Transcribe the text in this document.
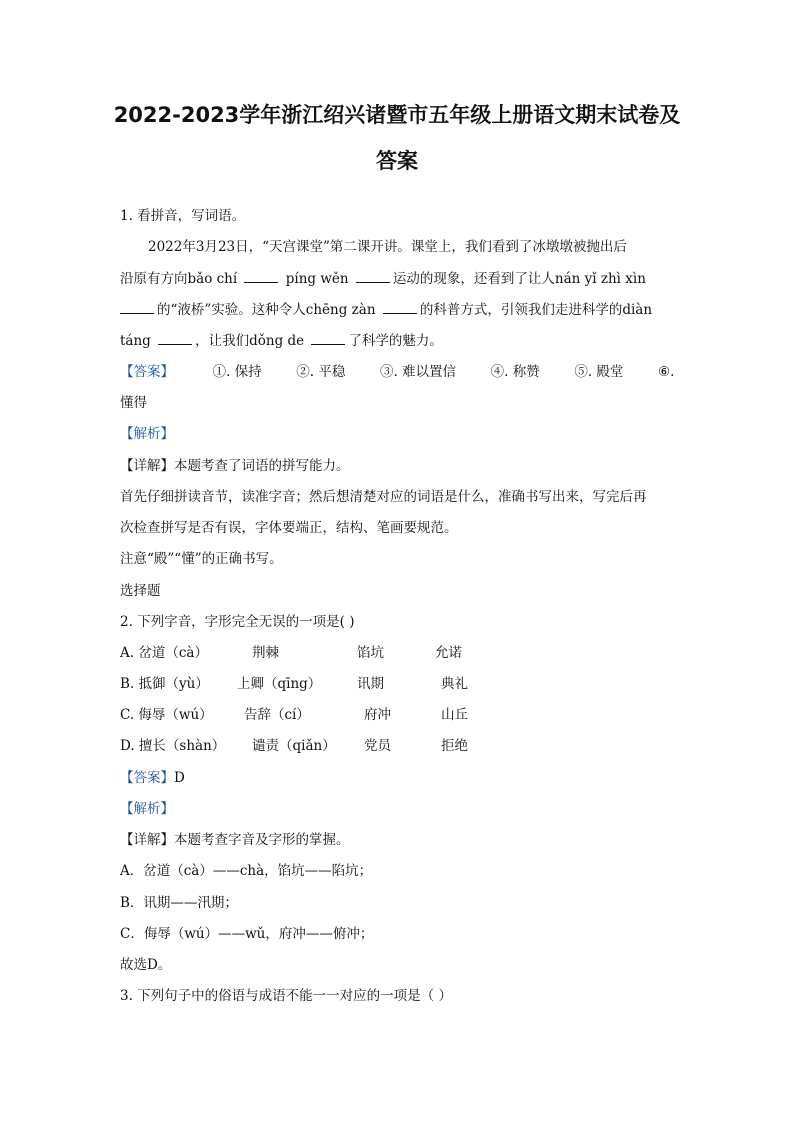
2022-2023学年浙江绍兴诸暨市五年级上册语文期末试卷及
答案
1. 看拼音，写词语。
2022年3月23日，“天宫课堂”第二课开讲。课堂上，我们看到了冰墩墩被抛出后
沿原有方向bǎo chí	píng wěn	运动的现象，还看到了让人nán yǐ zhì xìn
的“液桥”实验。这种令人chēng zàn	的科普方式，引领我们走进科学的diàn
táng	，让我们dǒng de	了科学的魅力。
【答案】	①. 保持	②. 平稳	③. 难以置信	④. 称赞	⑤. 殿堂	⑥.
懂得
【解析】
【详解】本题考查了词语的拼写能力。
首先仔细拼读音节，读准字音；然后想清楚对应的词语是什么，准确书写出来，写完后再
次检查拼写是否有误，字体要端正，结构、笔画要规范。
注意“殿”“懂”的正确书写。
选择题
2. 下列字音，字形完全无误的一项是( )
A. 岔道（cà）	荆棘	馅坑	允诺
B. 抵御（yù） 上卿（qīng）	讯期	典礼
C. 侮辱（wú） 告辞（cí）	府冲	山丘
D. 擅长（shàn） 谴责（qiǎn） 党员	拒绝
【答案】D
【解析】
【详解】本题考查字音及字形的掌握。
A．岔道（cà）——chà，馅坑——陷坑；
B．讯期——汛期；
C．侮辱（wú）——wǔ，府冲——俯冲；
故选D。
3. 下列句子中的俗语与成语不能一一对应的一项是（ ）
